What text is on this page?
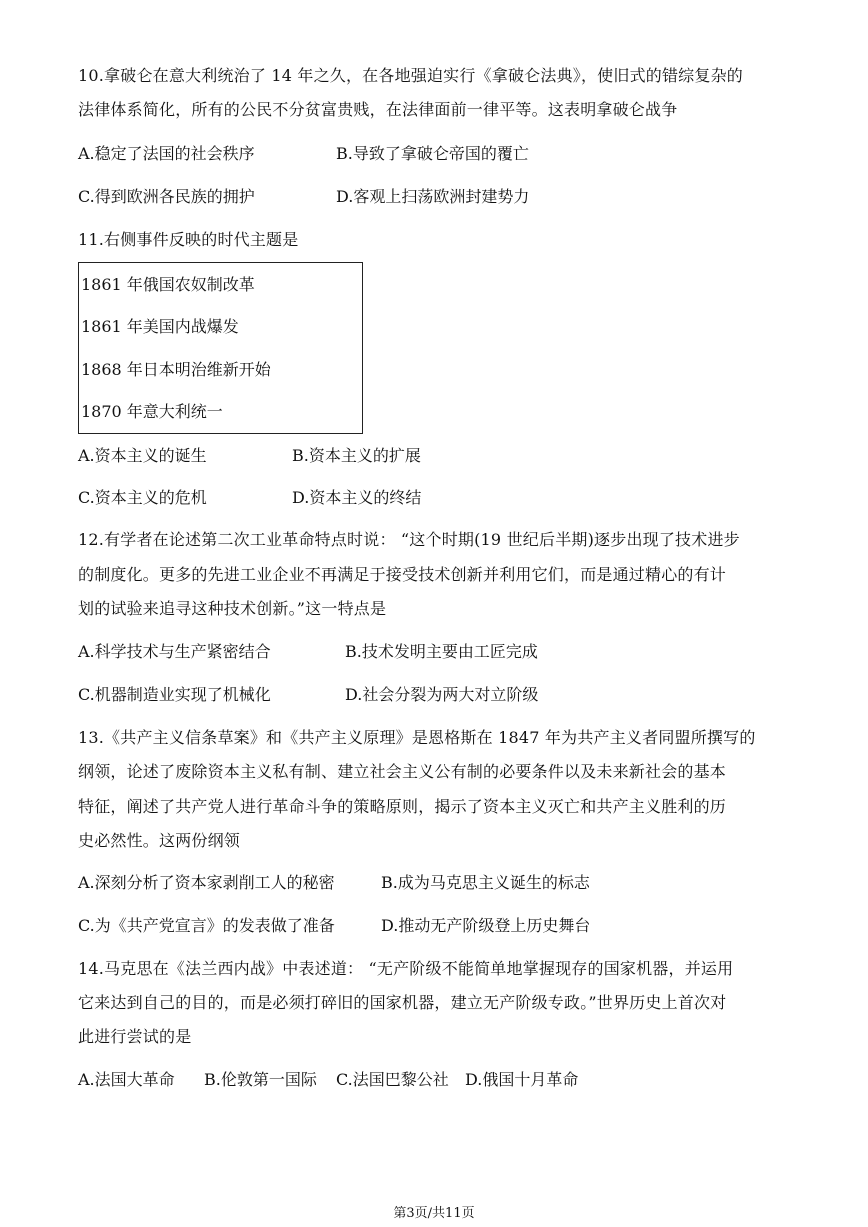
10.拿破仑在意大利统治了 14 年之久，在各地强迫实行《拿破仑法典》，使旧式的错综复杂的
法律体系简化，所有的公民不分贫富贵贱，在法律面前一律平等。这表明拿破仑战争
A.稳定了法国的社会秩序	B.导致了拿破仑帝国的覆亡
C.得到欧洲各民族的拥护	D.客观上扫荡欧洲封建势力
11.右侧事件反映的时代主题是
1861 年俄国农奴制改革
1861 年美国内战爆发
1868 年日本明治维新开始
1870 年意大利统一
A.资本主义的诞生	B.资本主义的扩展
C.资本主义的危机	D.资本主义的终结
12.有学者在论述第二次工业革命特点时说： “这个时期(19 世纪后半期)逐步出现了技术进步
的制度化。更多的先进工业企业不再满足于接受技术创新并利用它们，而是通过精心的有计
划的试验来追寻这种技术创新。”这一特点是
A.科学技术与生产紧密结合	B.技术发明主要由工匠完成
C.机器制造业实现了机械化	D.社会分裂为两大对立阶级
13.《共产主义信条草案》和《共产主义原理》是恩格斯在 1847 年为共产主义者同盟所撰写的
纲领，论述了废除资本主义私有制、建立社会主义公有制的必要条件以及未来新社会的基本
特征，阐述了共产党人进行革命斗争的策略原则，揭示了资本主义灭亡和共产主义胜利的历
史必然性。这两份纲领
A.深刻分析了资本家剥削工人的秘密	B.成为马克思主义诞生的标志
C.为《共产党宣言》的发表做了准备	D.推动无产阶级登上历史舞台
14.马克思在《法兰西内战》中表述道： “无产阶级不能简单地掌握现存的国家机器，并运用
它来达到自己的目的，而是必须打碎旧的国家机器，建立无产阶级专政。”世界历史上首次对
此进行尝试的是
A.法国大革命 B.伦敦第一国际 C.法国巴黎公社 D.俄国十月革命
第3页/共11页
